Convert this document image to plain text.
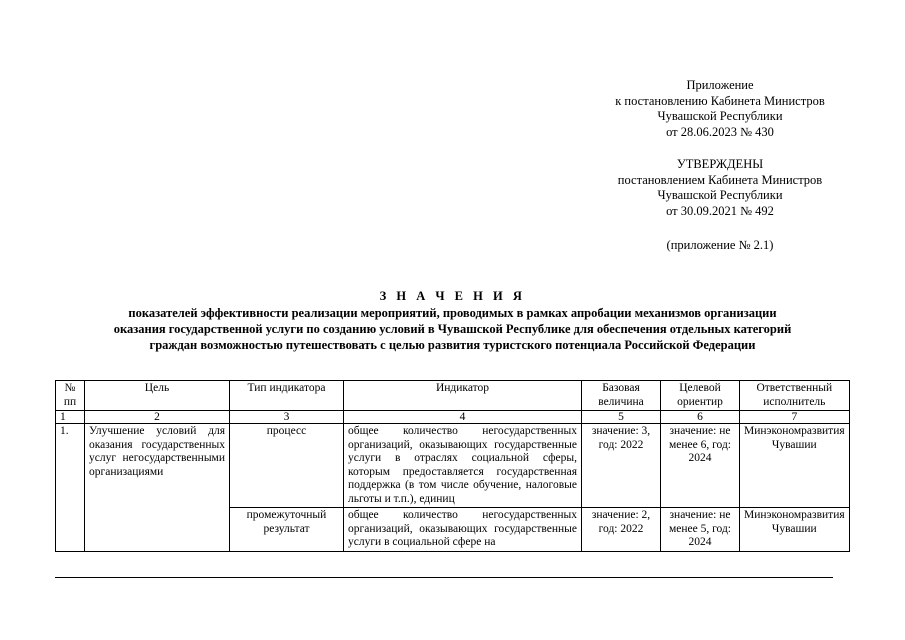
Приложение
к постановлению Кабинета Министров
Чувашской Республики
от 28.06.2023 № 430
УТВЕРЖДЕНЫ
постановлением Кабинета Министров
Чувашской Республики
от 30.09.2021 № 492
(приложение № 2.1)
З Н А Ч Е Н И Я
показателей эффективности реализации мероприятий, проводимых в рамках апробации механизмов организации
оказания государственной услуги по созданию условий в Чувашской Республике для обеспечения отдельных категорий
граждан возможностью путешествовать с целью развития туристского потенциала Российской Федерации
№ пп	Цель	Тип индикатора	Индикатор	Базовая величина	Целевой ориентир	Ответственный исполнитель
1	2	3	4	5	6	7
1.	Улучшение условий для оказания государственных услуг негосударственными организациями	процесс	общее количество негосударственных организаций, оказывающих государственные услуги в отраслях социальной сферы, которым предоставляется государственная поддержка (в том числе обучение, налоговые льготы и т.п.), единиц	значение: 3, год: 2022	значение: не менее 6, год: 2024	Минэкономразвития Чувашии
		промежуточный результат	общее количество негосударственных организаций, оказывающих государственные услуги в социальной сфере на	значение: 2, год: 2022	значение: не менее 5, год: 2024	Минэкономразвития Чувашии
